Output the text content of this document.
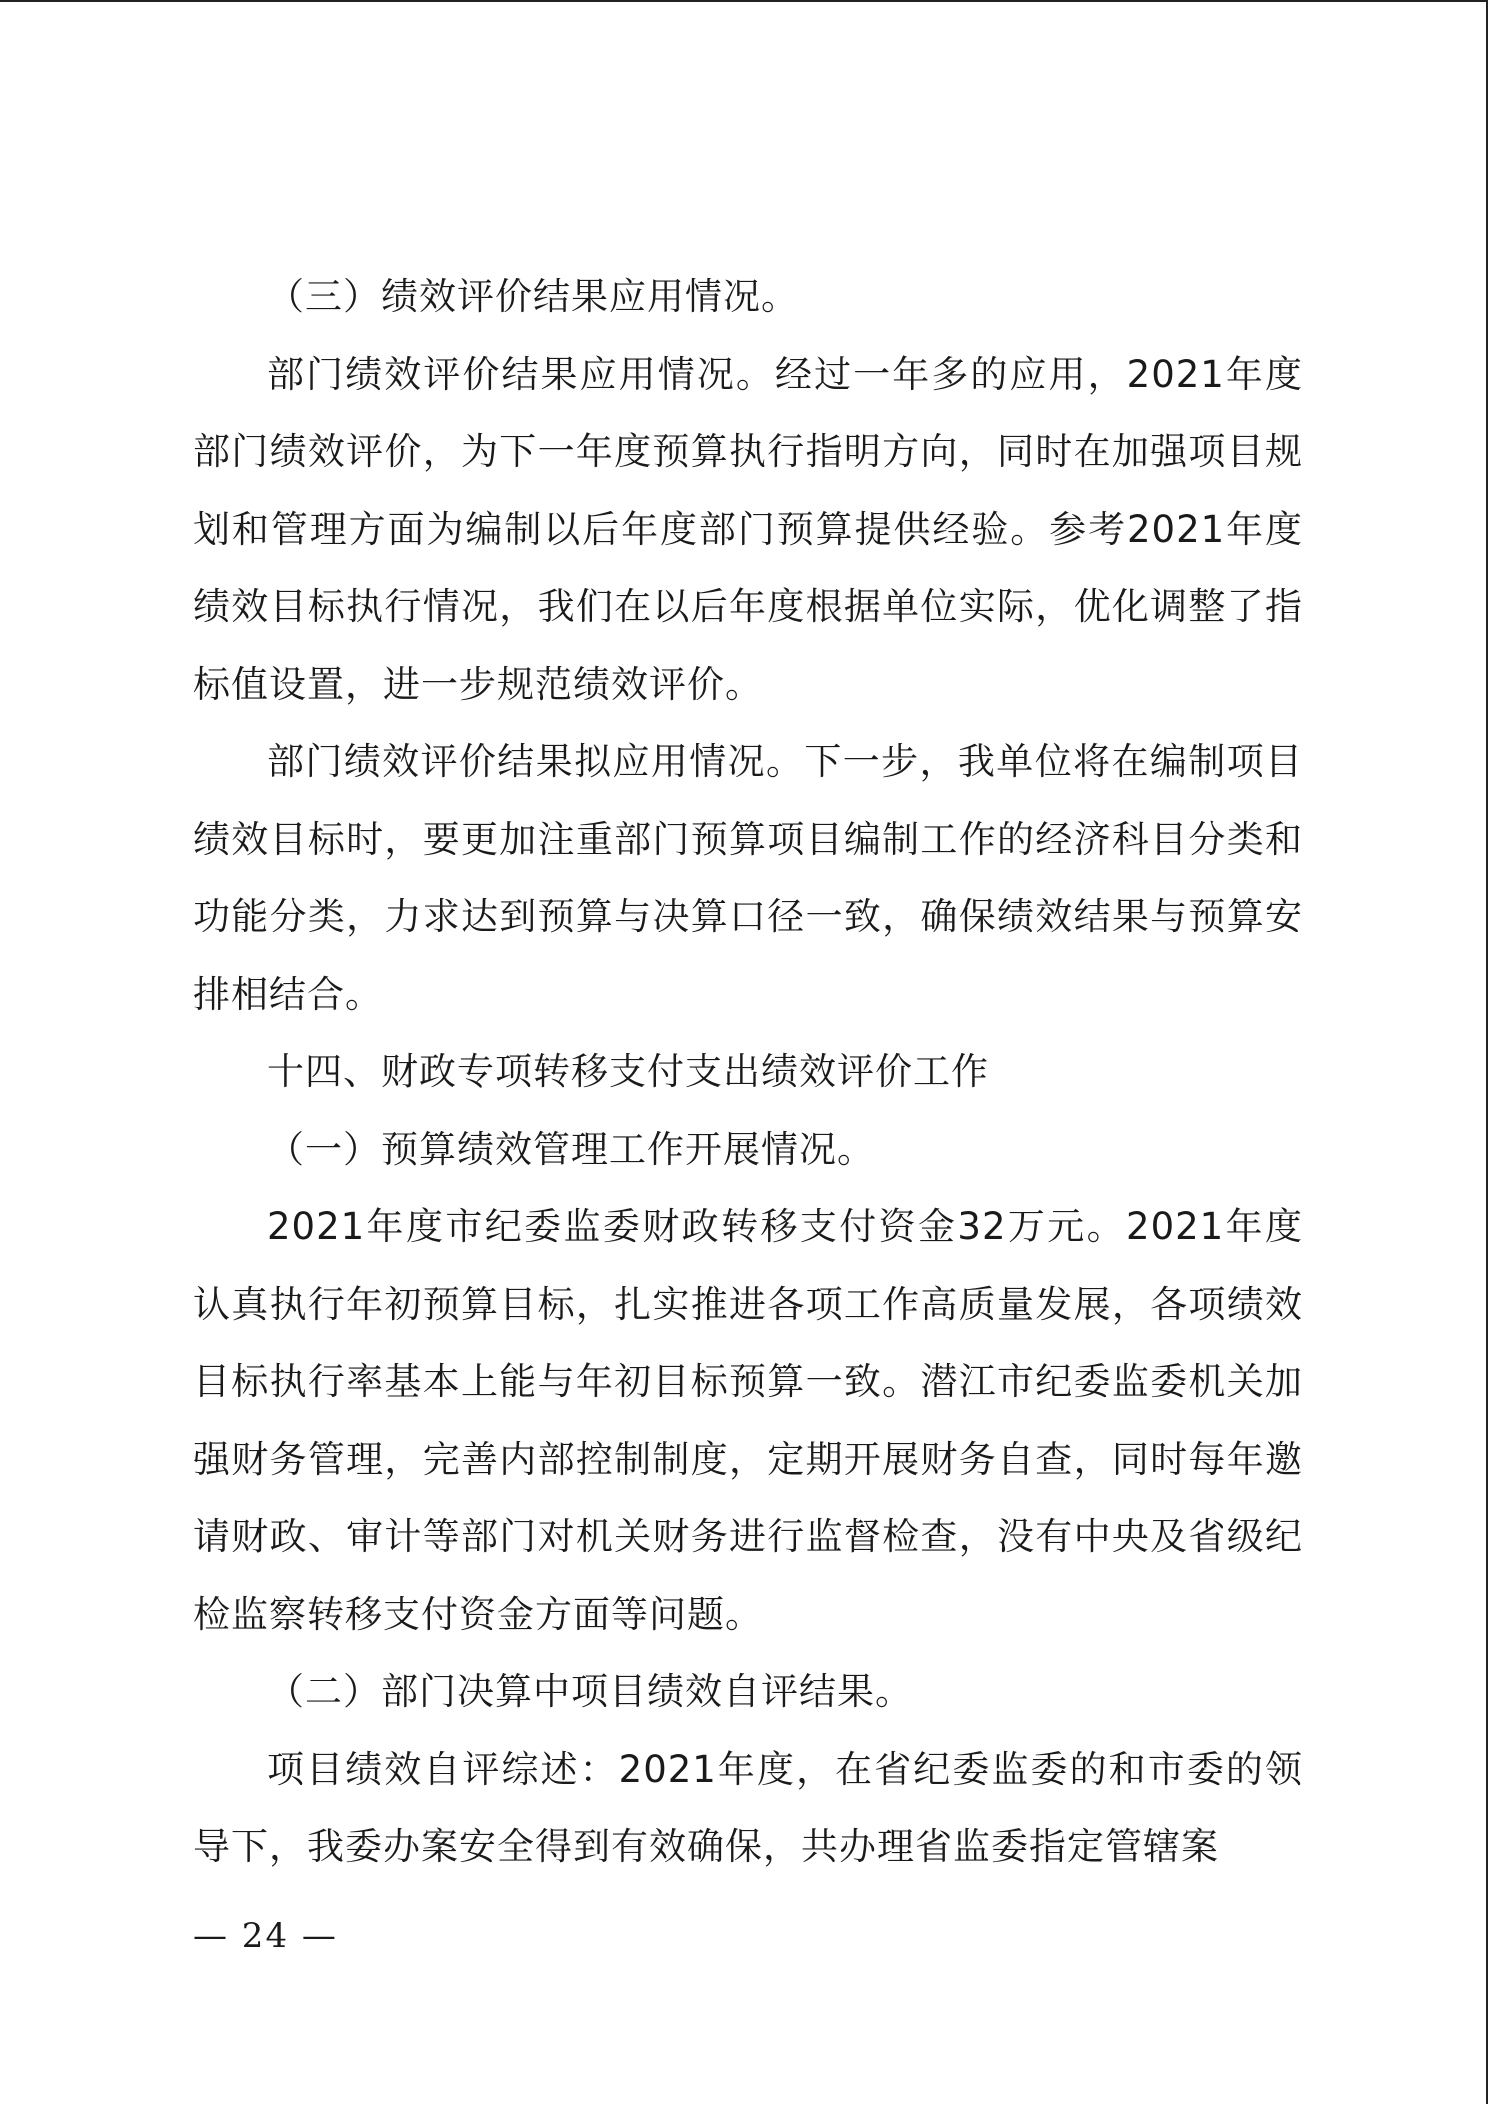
（三）绩效评价结果应用情况。

部门绩效评价结果应用情况。经过一年多的应用，2021年度部门绩效评价，为下一年度预算执行指明方向，同时在加强项目规划和管理方面为编制以后年度部门预算提供经验。参考2021年度绩效目标执行情况，我们在以后年度根据单位实际，优化调整了指标值设置，进一步规范绩效评价。

部门绩效评价结果拟应用情况。下一步，我单位将在编制项目绩效目标时，要更加注重部门预算项目编制工作的经济科目分类和功能分类，力求达到预算与决算口径一致，确保绩效结果与预算安排相结合。

十四、财政专项转移支付支出绩效评价工作

（一）预算绩效管理工作开展情况。

2021年度市纪委监委财政转移支付资金32万元。2021年度认真执行年初预算目标，扎实推进各项工作高质量发展，各项绩效目标执行率基本上能与年初目标预算一致。潜江市纪委监委机关加强财务管理，完善内部控制制度，定期开展财务自查，同时每年邀请财政、审计等部门对机关财务进行监督检查，没有中央及省级纪检监察转移支付资金方面等问题。

（二）部门决算中项目绩效自评结果。

项目绩效自评综述：2021年度，在省纪委监委的和市委的领导下，我委办案安全得到有效确保，共办理省监委指定管辖案

— 24 —
